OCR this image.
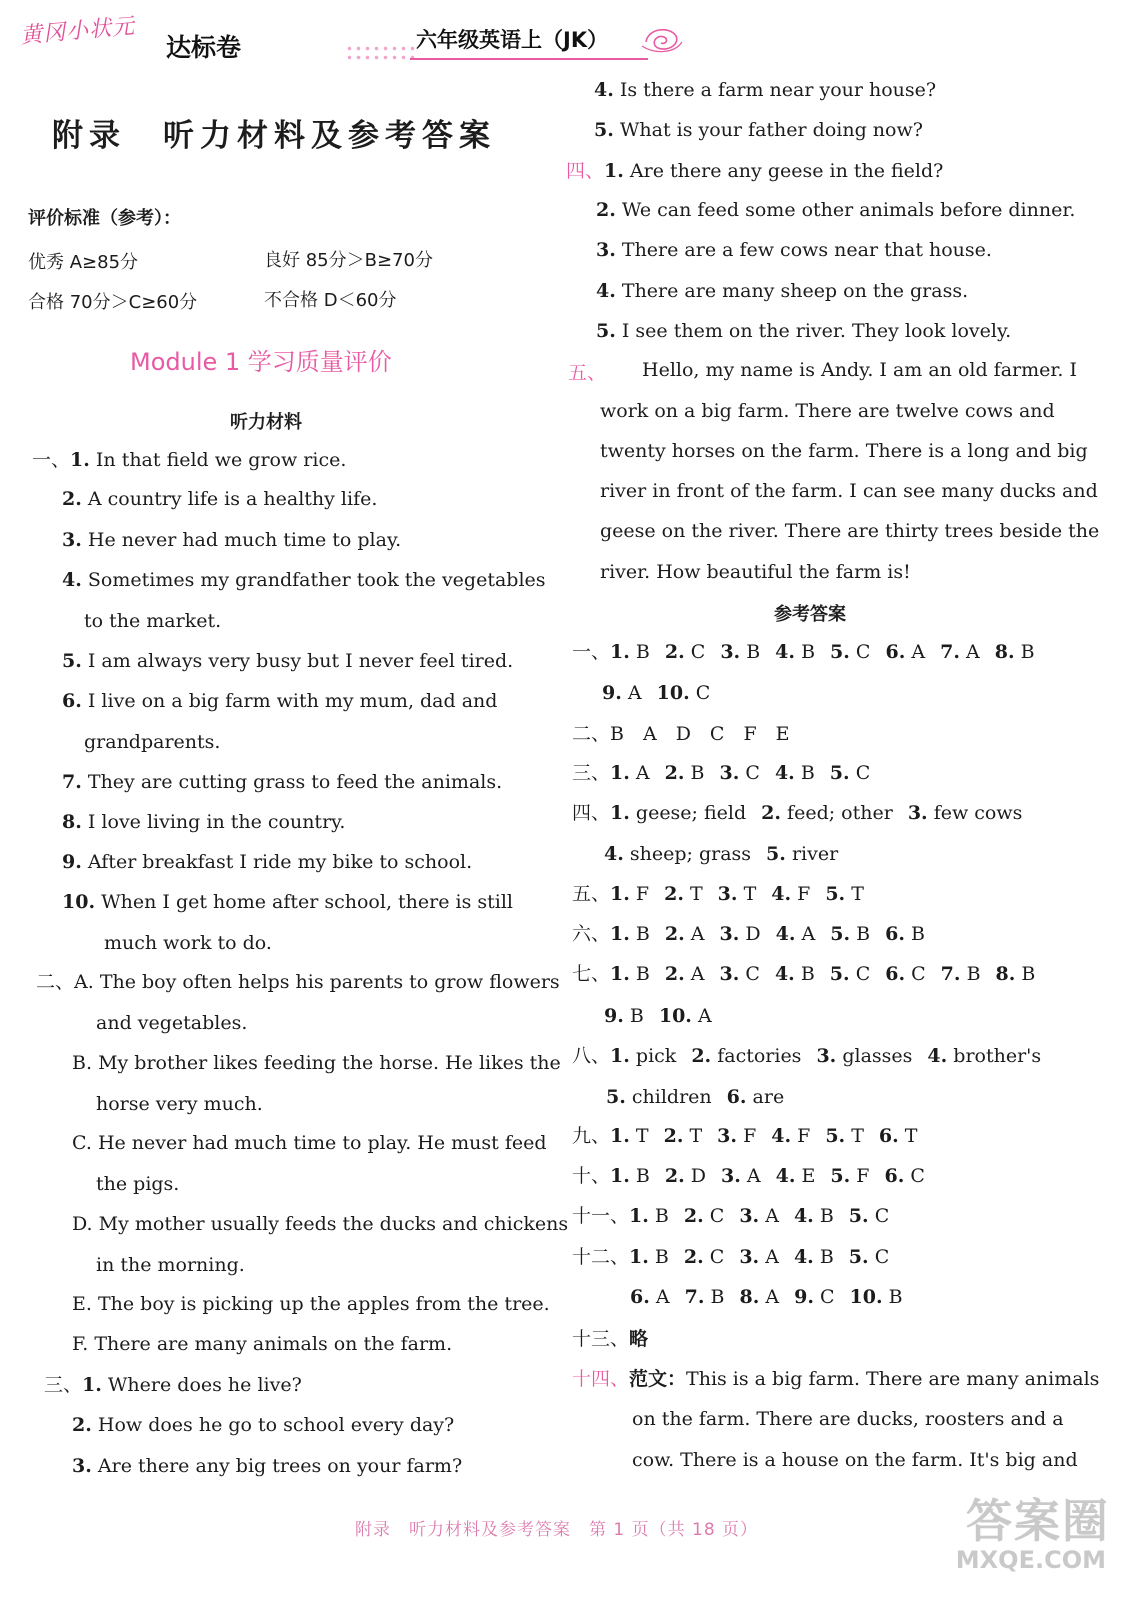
黄冈小状元 达标卷	六年级英语上（JK）
附录　听力材料及参考答案
评价标准（参考）：
优秀 A≥85分	良好 85分＞B≥70分
合格 70分＞C≥60分	不合格 D＜60分
Module 1 学习质量评价
听力材料
一、1. In that field we grow rice.
2. A country life is a healthy life.
3. He never had much time to play.
4. Sometimes my grandfather took the vegetables
to the market.
5. I am always very busy but I never feel tired.
6. I live on a big farm with my mum, dad and
grandparents.
7. They are cutting grass to feed the animals.
8. I love living in the country.
9. After breakfast I ride my bike to school.
10. When I get home after school, there is still
much work to do.
二、A. The boy often helps his parents to grow flowers
and vegetables.
B. My brother likes feeding the horse. He likes the
horse very much.
C. He never had much time to play. He must feed
the pigs.
D. My mother usually feeds the ducks and chickens
in the morning.
E. The boy is picking up the apples from the tree.
F. There are many animals on the farm.
三、1. Where does he live?
2. How does he go to school every day?
3. Are there any big trees on your farm?
4. Is there a farm near your house?
5. What is your father doing now?
四、1. Are there any geese in the field?
2. We can feed some other animals before dinner.
3. There are a few cows near that house.
4. There are many sheep on the grass.
5. I see them on the river. They look lovely.
五、 Hello, my name is Andy. I am an old farmer. I
work on a big farm. There are twelve cows and
twenty horses on the farm. There is a long and big
river in front of the farm. I can see many ducks and
geese on the river. There are thirty trees beside the
river. How beautiful the farm is!
参考答案
一、1. B 2. C 3. B 4. B 5. C 6. A 7. A 8. B
9. A 10. C
二、B　A　D　C　F　E
三、1. A 2. B 3. C 4. B 5. C
四、1. geese; field 2. feed; other 3. few cows
4. sheep; grass 5. river
五、1. F 2. T 3. T 4. F 5. T
六、1. B 2. A 3. D 4. A 5. B 6. B
七、1. B 2. A 3. C 4. B 5. C 6. C 7. B 8. B
9. B 10. A
八、1. pick 2. factories 3. glasses 4. brother's
5. children 6. are
九、1. T 2. T 3. F 4. F 5. T 6. T
十、1. B 2. D 3. A 4. E 5. F 6. C
十一、1. B 2. C 3. A 4. B 5. C
十二、1. B 2. C 3. A 4. B 5. C
6. A 7. B 8. A 9. C 10. B
十三、略
十四、范文：This is a big farm. There are many animals
on the farm. There are ducks, roosters and a
cow. There is a house on the farm. It's big and
附录　听力材料及参考答案　第 1 页（共 18 页）	答案圈
MXQE.COM
